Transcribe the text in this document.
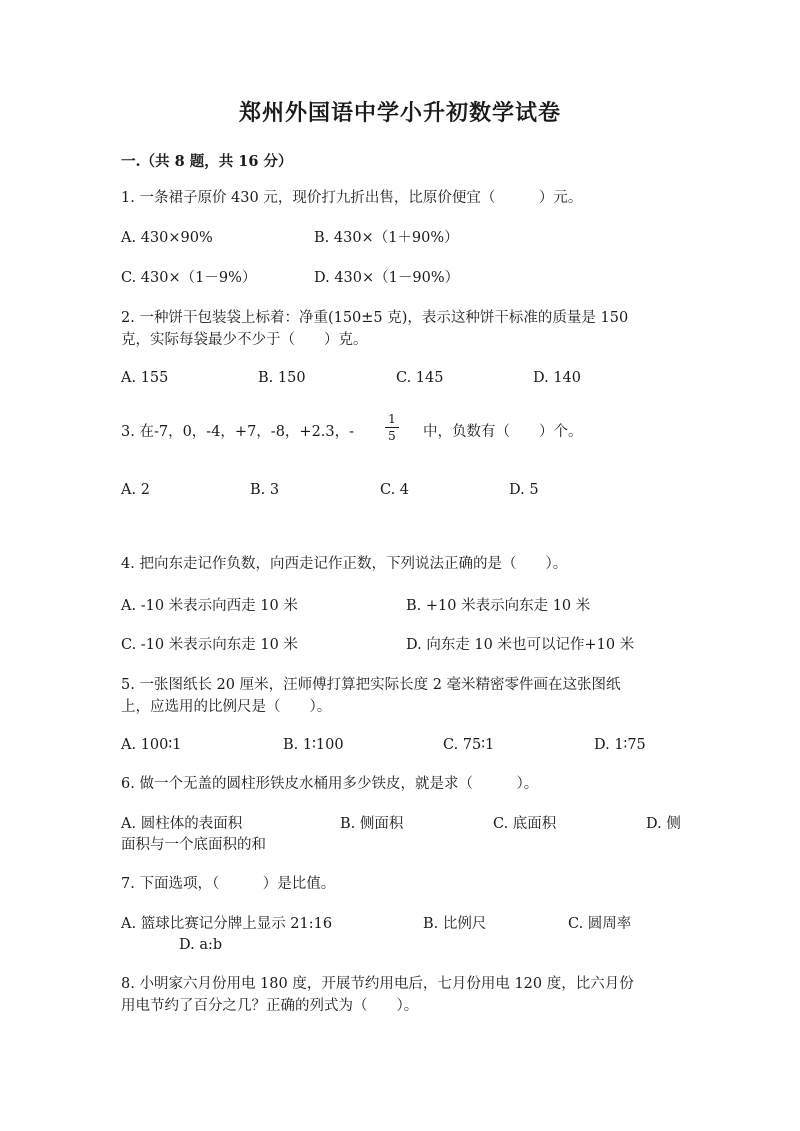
郑州外国语中学小升初数学试卷
一.（共 8 题，共 16 分）
1. 一条裙子原价 430 元，现价打九折出售，比原价便宜（　　　）元。
A. 430×90%	B. 430×（1＋90%）
C. 430×（1－9%）	D. 430×（1－90%）
2. 一种饼干包装袋上标着：净重(150±5 克)，表示这种饼干标准的质量是 150
克，实际每袋最少不少于（　　）克。
A. 155	B. 150	C. 145	D. 140
3. 在-7，0，-4，+7，-8，+2.3，-
1
5 中，负数有（　　）个。
A. 2	B. 3	C. 4	D. 5
4. 把向东走记作负数，向西走记作正数，下列说法正确的是（　　）。
A. -10 米表示向西走 10 米	B. +10 米表示向东走 10 米
C. -10 米表示向东走 10 米	D. 向东走 10 米也可以记作+10 米
5. 一张图纸长 20 厘米，汪师傅打算把实际长度 2 毫米精密零件画在这张图纸
上，应选用的比例尺是（　　）。
A. 100∶1	B. 1∶100	C. 75∶1	D. 1∶75
6. 做一个无盖的圆柱形铁皮水桶用多少铁皮，就是求（　　　）。
A. 圆柱体的表面积	B. 侧面积	C. 底面积	D. 侧
面积与一个底面积的和
7. 下面选项，（　　　）是比值。
A. 篮球比赛记分牌上显示 21:16	B. 比例尺	C. 圆周率
D. a:b
8. 小明家六月份用电 180 度，开展节约用电后，七月份用电 120 度，比六月份
用电节约了百分之几？正确的列式为（　　）。
